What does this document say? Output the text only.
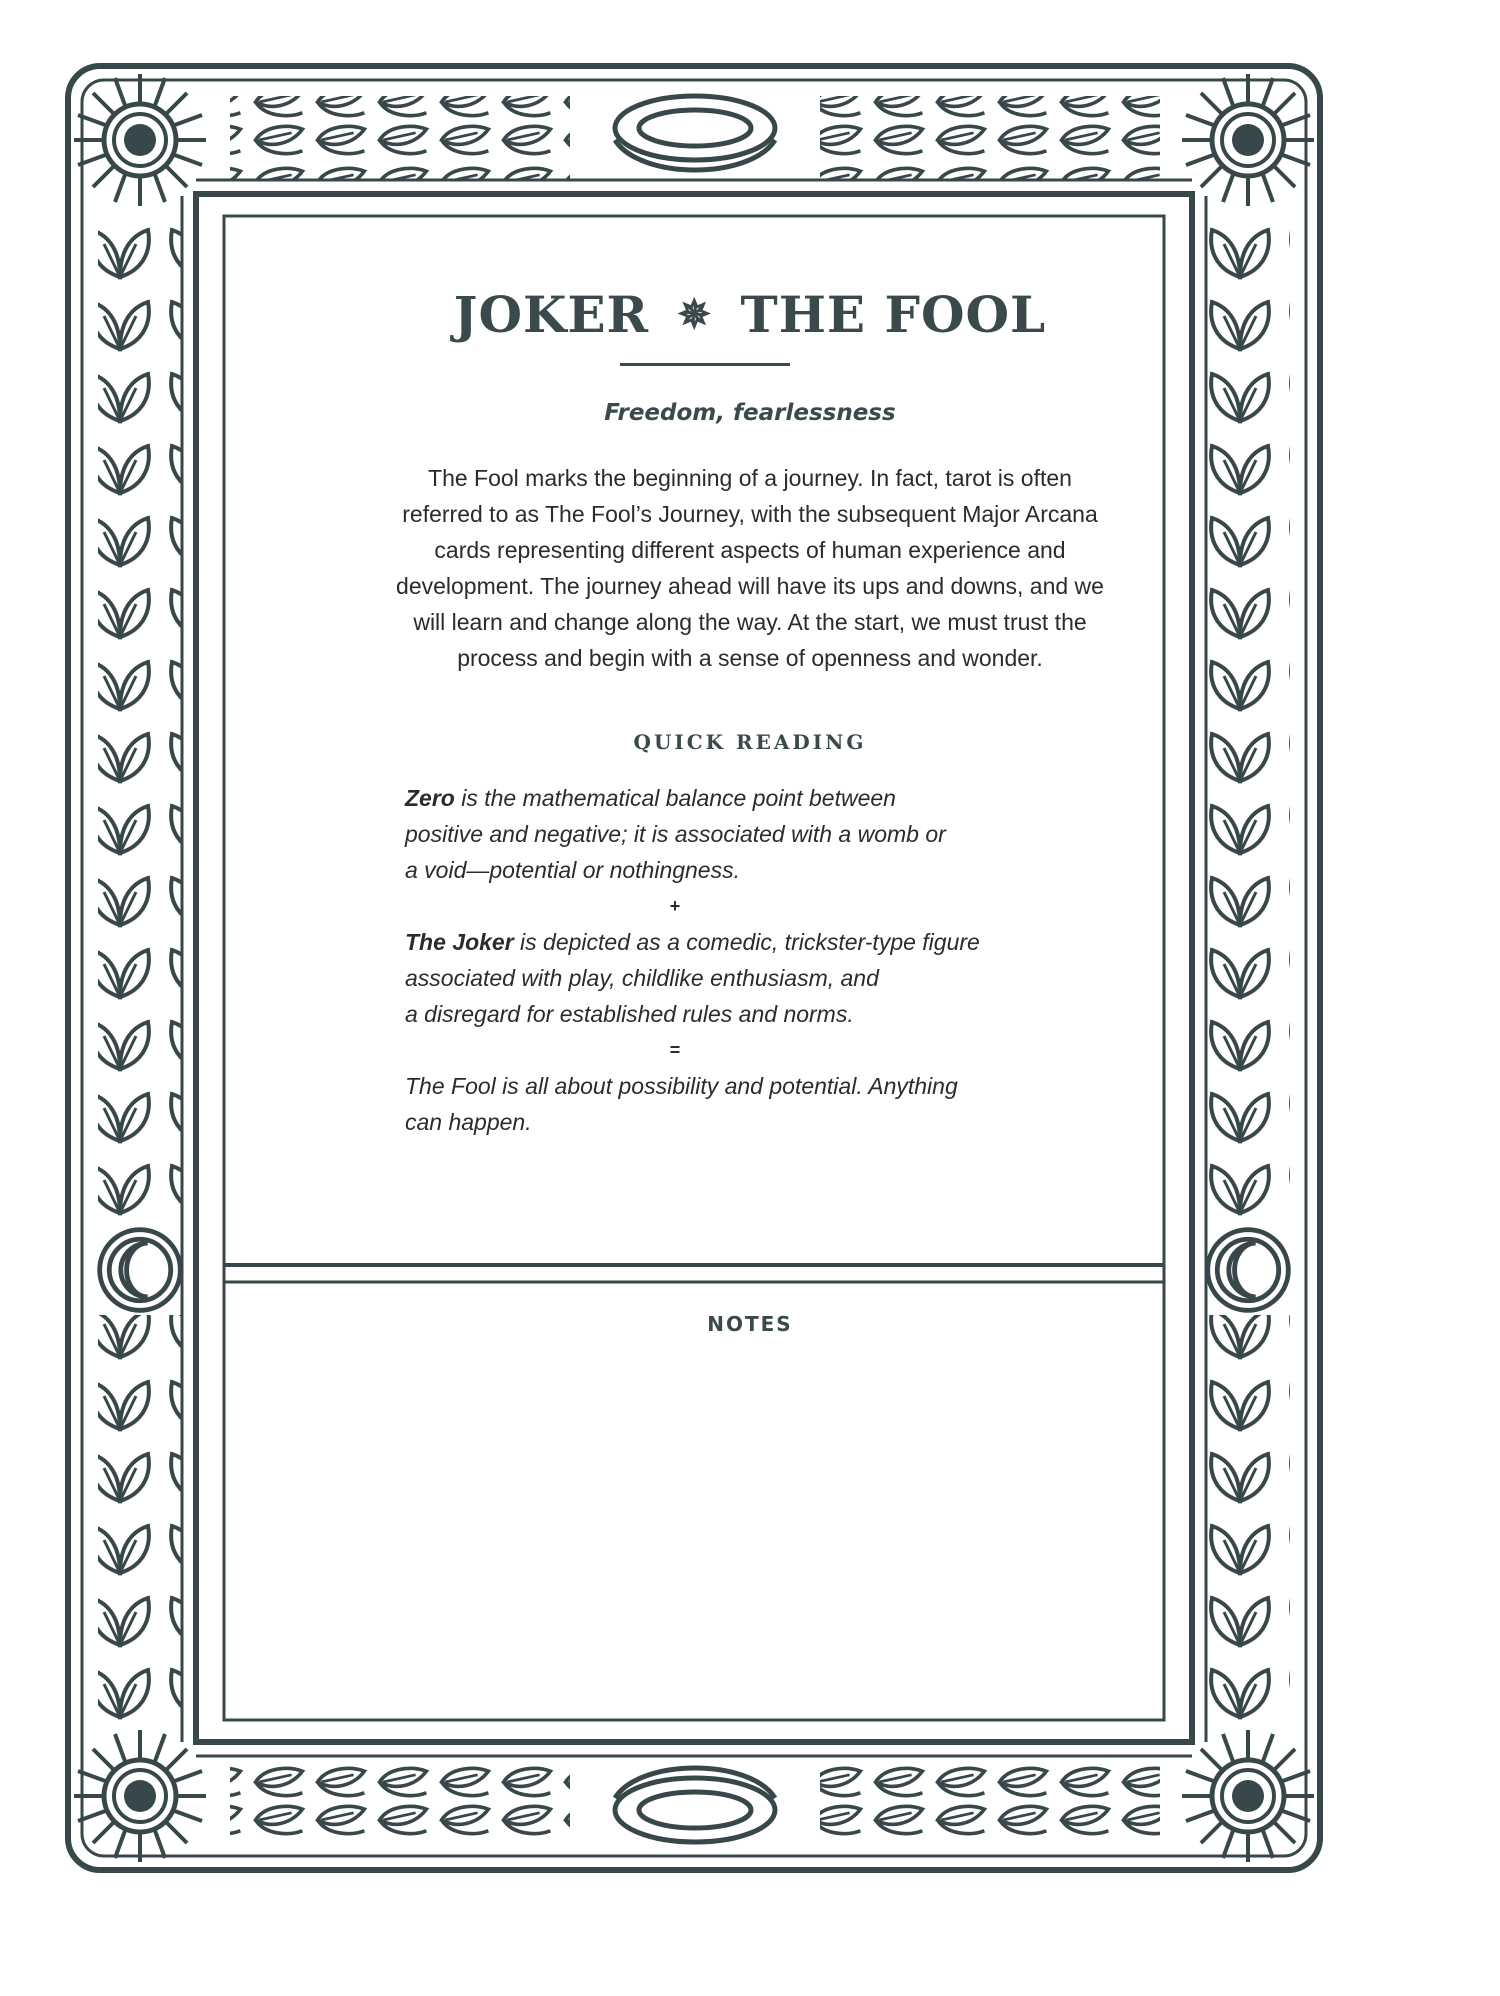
JOKER ✵ THE FOOL
Freedom, fearlessness
The Fool marks the beginning of a journey. In fact, tarot is often
referred to as The Fool’s Journey, with the subsequent Major Arcana
cards representing different aspects of human experience and
development. The journey ahead will have its ups and downs, and we
will learn and change along the way. At the start, we must trust the
process and begin with a sense of openness and wonder.
QUICK READING
Zero is the mathematical balance point between
positive and negative; it is associated with a womb or
a void—potential or nothingness.
+
The Joker is depicted as a comedic, trickster-type figure
associated with play, childlike enthusiasm, and
a disregard for established rules and norms.
=
The Fool is all about possibility and potential. Anything
can happen.
NOTES
